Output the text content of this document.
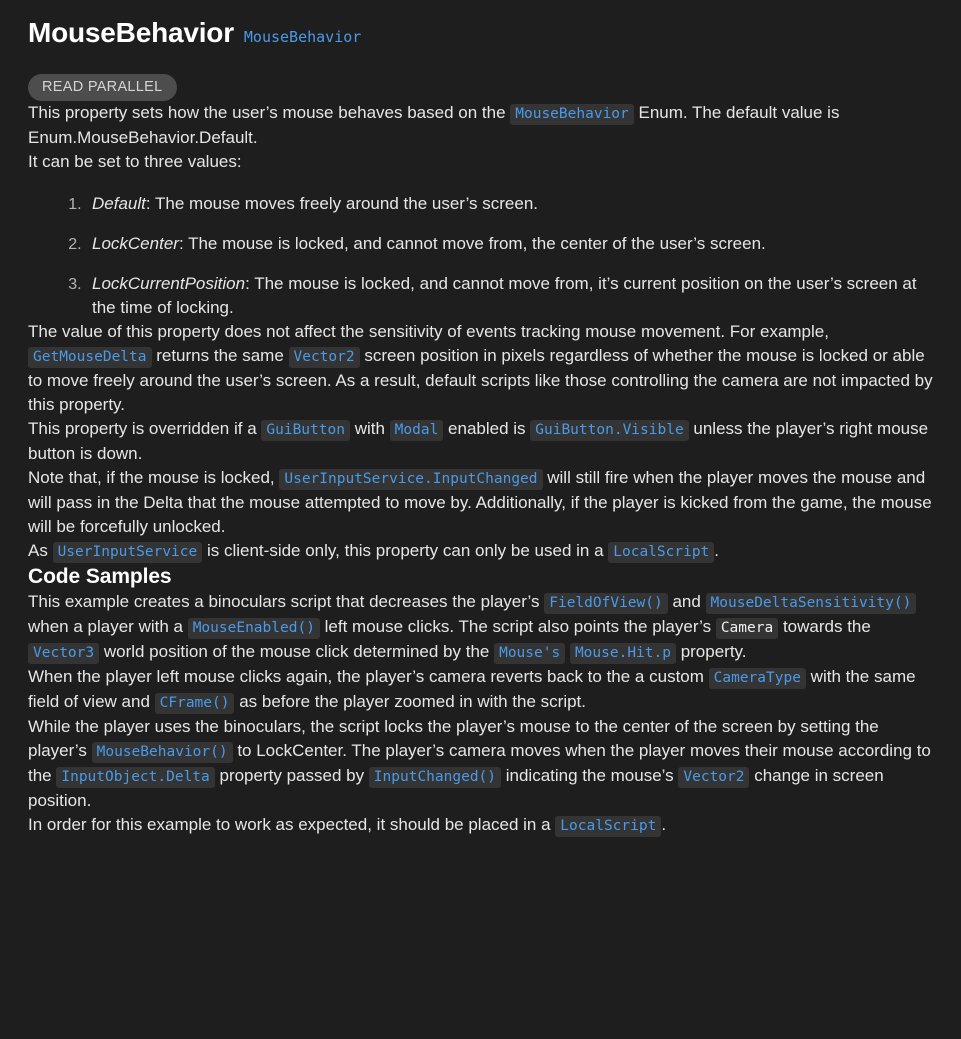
MouseBehavior MouseBehavior
READ PARALLEL

This property sets how the user’s mouse behaves based on the MouseBehavior Enum. The default value is Enum.MouseBehavior.Default.

It can be set to three values:

1. Default: The mouse moves freely around the user’s screen.
2. LockCenter: The mouse is locked, and cannot move from, the center of the user’s screen.
3. LockCurrentPosition: The mouse is locked, and cannot move from, it’s current position on the user’s screen at the time of locking.

The value of this property does not affect the sensitivity of events tracking mouse movement. For example, GetMouseDelta returns the same Vector2 screen position in pixels regardless of whether the mouse is locked or able to move freely around the user’s screen. As a result, default scripts like those controlling the camera are not impacted by this property.

This property is overridden if a GuiButton with Modal enabled is GuiButton.Visible unless the player’s right mouse button is down.

Note that, if the mouse is locked, UserInputService.InputChanged will still fire when the player moves the mouse and will pass in the Delta that the mouse attempted to move by. Additionally, if the player is kicked from the game, the mouse will be forcefully unlocked.

As UserInputService is client-side only, this property can only be used in a LocalScript .

Code Samples

This example creates a binoculars script that decreases the player’s FieldOfView() and MouseDeltaSensitivity() when a player with a MouseEnabled() left mouse clicks. The script also points the player’s Camera towards the Vector3 world position of the mouse click determined by the Mouse's Mouse.Hit.p property.

When the player left mouse clicks again, the player’s camera reverts back to the a custom CameraType with the same field of view and CFrame() as before the player zoomed in with the script.

While the player uses the binoculars, the script locks the player’s mouse to the center of the screen by setting the player’s MouseBehavior() to LockCenter. The player’s camera moves when the player moves their mouse according to the InputObject.Delta property passed by InputChanged() indicating the mouse’s Vector2 change in screen position.

In order for this example to work as expected, it should be placed in a LocalScript .
